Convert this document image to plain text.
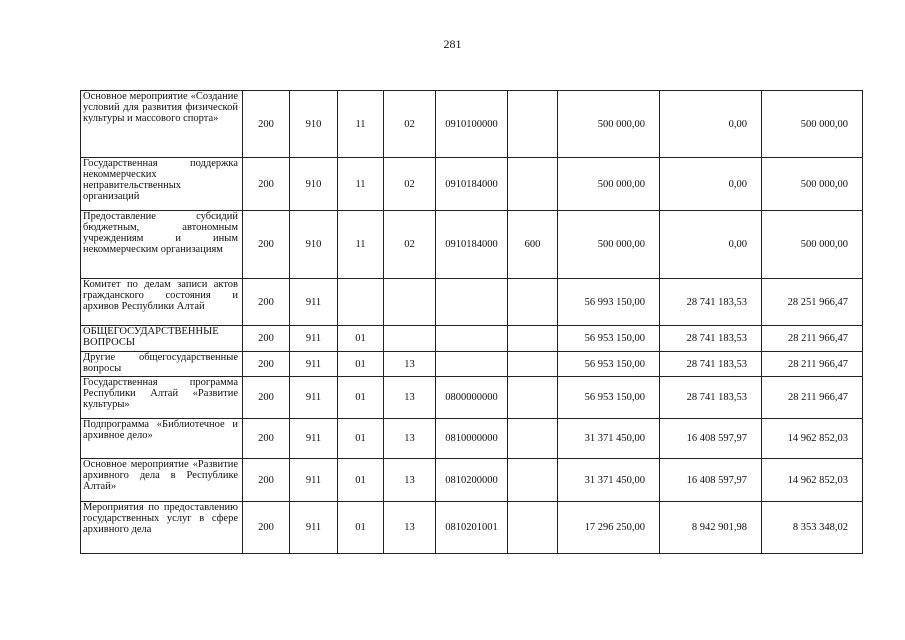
281
Основное мероприятие «Создание условий для развития физической культуры и массового спорта»	200	910	11	02	0910100000		500 000,00	0,00	500 000,00
Государственная поддержка некоммерческих неправительственных организаций	200	910	11	02	0910184000		500 000,00	0,00	500 000,00
Предоставление субсидий бюджетным, автономным учреждениям и иным некоммерческим организациям	200	910	11	02	0910184000	600	500 000,00	0,00	500 000,00
Комитет по делам записи актов гражданского состояния и архивов Республики Алтай	200	911					56 993 150,00	28 741 183,53	28 251 966,47
ОБЩЕГОСУДАРСТВЕННЫЕ ВОПРОСЫ	200	911	01				56 953 150,00	28 741 183,53	28 211 966,47
Другие общегосударственные вопросы	200	911	01	13			56 953 150,00	28 741 183,53	28 211 966,47
Государственная программа Республики Алтай «Развитие культуры»	200	911	01	13	0800000000		56 953 150,00	28 741 183,53	28 211 966,47
Подпрограмма «Библиотечное и архивное дело»	200	911	01	13	0810000000		31 371 450,00	16 408 597,97	14 962 852,03
Основное мероприятие «Развитие архивного дела в Республике Алтай»	200	911	01	13	0810200000		31 371 450,00	16 408 597,97	14 962 852,03
Мероприятия по предоставлению государственных услуг в сфере архивного дела	200	911	01	13	0810201001		17 296 250,00	8 942 901,98	8 353 348,02
